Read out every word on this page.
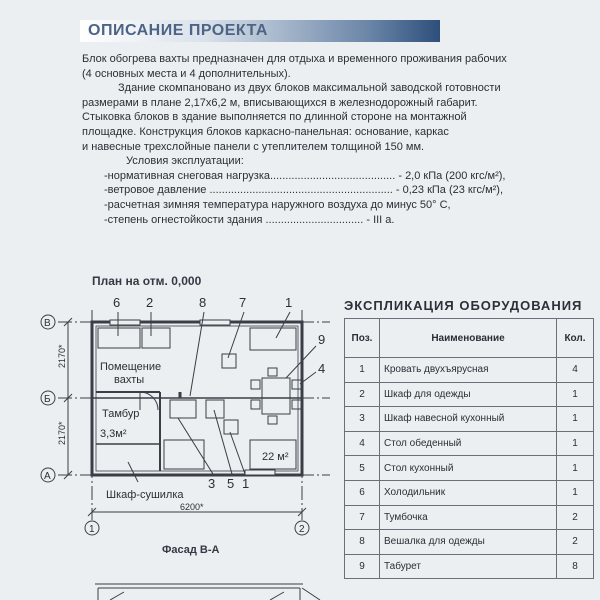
ОПИСАНИЕ ПРОЕКТА

Блок обогрева вахты предназначен для отдыха и временного проживания рабочих

(4 основных места и 4 дополнительных).

Здание скомпановано из двух блоков максимальной заводской готовности

размерами в плане 2,17х6,2 м, вписывающихся в железнодорожный габарит.

Стыковка блоков в здание выполняется по длинной стороне на монтажной

площадке. Конструкция блоков каркасно-панельная: основание, каркас

и навесные трехслойные панели с утеплителем толщиной 150 мм.

Условия эксплуатации:

-нормативная снеговая нагрузка......................................... - 2,0 кПа (200 кгс/м²),

-ветровое давление ............................................................ - 0,23 кПа (23 кгс/м²),

-расчетная зимняя температура наружного воздуха до минус 50° С,

-степень огнестойкости здания ................................ - III а.

План на отм. 0,000
В
Б
А
1	2
2170*
2170*
6200*
Помещение
вахты
Тамбур
3,3м²
22 м²
Шкаф-сушилка
6 2	8	7	1
9
4
3 5 1
ЭКСПЛИКАЦИЯ ОБОРУДОВАНИЯ
Поз.	Наименование	Кол.
1	Кровать двухъярусная	4
2	Шкаф для одежды	1
3	Шкаф навесной кухонный	1
4	Стол обеденный	1
5	Стол кухонный	1
6	Холодильник	1
7	Тумбочка	2
8	Вешалка для одежды	2
9	Табурет	8
Фасад В-А
